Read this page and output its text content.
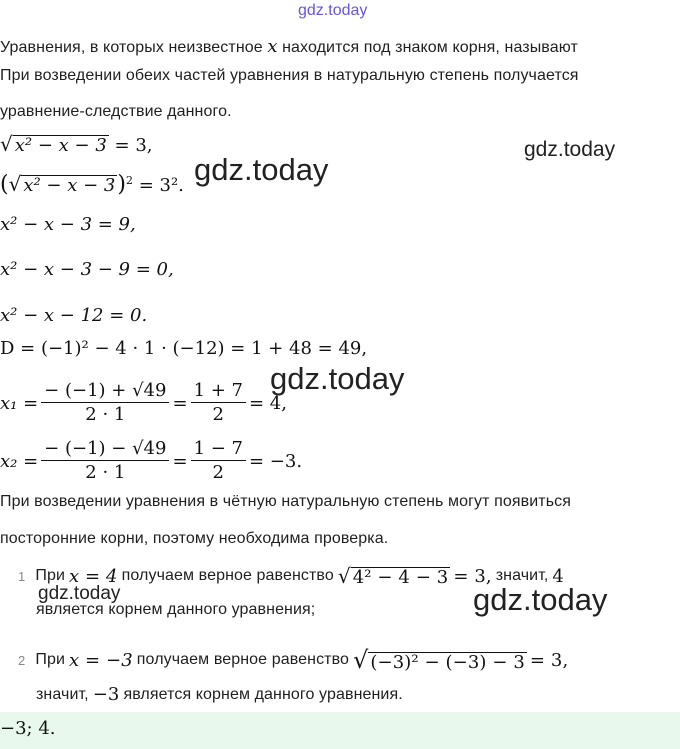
gdz.today
Уравнения, в которых неизвестное x находится под знаком корня, называют
При возведении обеих частей уравнения в натуральную степень получается
уравнение-следствие данного.
√ x² − x − 3 = 3,	gdz.today
(√ x² − x − 3)$^2$ = 3². gdz.today
x² − x − 3 = 9,
x² − x − 3 − 9 = 0,
x² − x − 12 = 0.
D = (−1)² − 4 · 1 · (−12) = 1 + 48 = 49,
$x_1 = \frac{- (-1) + √49}{2 \cdot 1} = \frac{1 + 7}{2} = 4$,
gdz.today
$x_2 = \frac{- (-1) - √49}{2 \cdot 1} = \frac{1 - 7}{2} = -3$.
При возведении уравнения в чётную натуральную степень могут появиться
посторонние корни, поэтому необходима проверка.
1 При x = 4 получаем верное равенство √ 4² − 4 − 3 = 3, значит, 4
является корнем данного уравнения;
gdz.today	gdz.today
2 При x = −3 получаем верное равенство √ (−3)² − (−3) − 3 = 3,
значит, −3 является корнем данного уравнения.
−3; 4.
